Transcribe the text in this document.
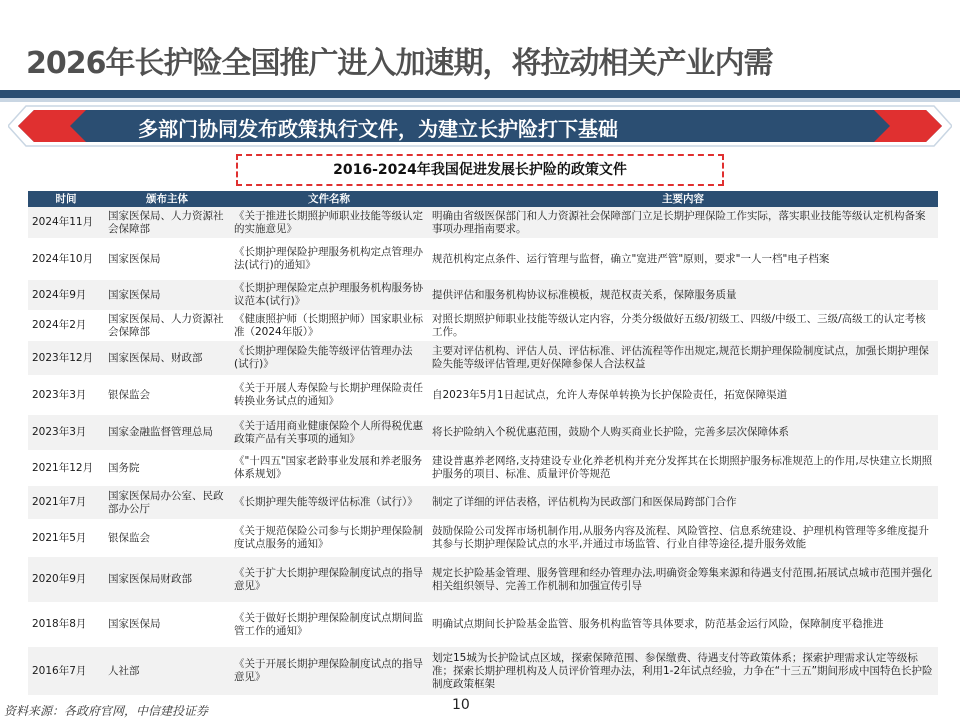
2026年长护险全国推广进入加速期，将拉动相关产业内需
多部门协同发布政策执行文件，为建立长护险打下基础
2016-2024年我国促进发展长护险的政策文件
时间	颁布主体	文件名称	主要内容
2024年11月	国家医保局、人力资源社会保障部	《关于推进长期照护师职业技能等级认定的实施意见》	明确由省级医保部门和人力资源社会保障部门立足长期护理保险工作实际，落实职业技能等级认定机构备案事项办理指南要求。
2024年10月	国家医保局	《长期护理保险护理服务机构定点管理办法(试行)的通知》	规范机构定点条件、运行管理与监督，确立"宽进严管"原则，要求"一人一档"电子档案
2024年9月	国家医保局	《长期护理保险定点护理服务机构服务协议范本(试行)》	提供评估和服务机构协议标准模板，规范权责关系，保障服务质量
2024年2月	国家医保局、人力资源社会保障部	《健康照护师（长期照护师）国家职业标准（2024年版）》	对照长期照护师职业技能等级认定内容，分类分级做好五级/初级工、四级/中级工、三级/高级工的认定考核工作。
2023年12月	国家医保局、财政部	《长期护理保险失能等级评估管理办法(试行)》	主要对评估机构、评估人员、评估标准、评估流程等作出规定,规范长期护理保险制度试点，加强长期护理保险失能等级评估管理,更好保障参保人合法权益
2023年3月	银保监会	《关于开展人寿保险与长期护理保险责任转换业务试点的通知》	自2023年5月1日起试点，允许人寿保单转换为长护保险责任，拓宽保障渠道
2023年3月	国家金融监督管理总局	《关于适用商业健康保险个人所得税优惠政策产品有关事项的通知》	将长护险纳入个税优惠范围，鼓励个人购买商业长护险，完善多层次保障体系
2021年12月	国务院	《"十四五"国家老龄事业发展和养老服务体系规划》	建设普惠养老网络,支持建设专业化养老机构并充分发挥其在长期照护服务标准规范上的作用,尽快建立长期照护服务的项目、标准、质量评价等规范
2021年7月	国家医保局办公室、民政部办公厅	《长期护理失能等级评估标准（试行）》	制定了详细的评估表格，评估机构为民政部门和医保局跨部门合作
2021年5月	银保监会	《关于规范保险公司参与长期护理保险制度试点服务的通知》	鼓励保险公司发挥市场机制作用,从服务内容及流程、风险管控、信息系统建设、护理机构管理等多维度提升其参与长期护理保险试点的水平,并通过市场监管、行业自律等途径,提升服务效能
2020年9月	国家医保局财政部	《关于扩大长期护理保险制度试点的指导意见》	规定长护险基金管理、服务管理和经办管理办法,明确资金筹集来源和待遇支付范围,拓展试点城市范围并强化相关组织领导、完善工作机制和加强宣传引导
2018年8月	国家医保局	《关于做好长期护理保险制度试点期间监管工作的通知》	明确试点期间长护险基金监管、服务机构监管等具体要求，防范基金运行风险，保障制度平稳推进
2016年7月	人社部	《关于开展长期护理保险制度试点的指导意见》	划定15城为长护险试点区域，探索保障范围、参保缴费、待遇支付等政策体系；探索护理需求认定等级标准；探索长期护理机构及人员评价管理办法，利用1-2年试点经验，力争在“十三五”期间形成中国特色长护险制度政策框架
资料来源：各政府官网，中信建投证券	10
